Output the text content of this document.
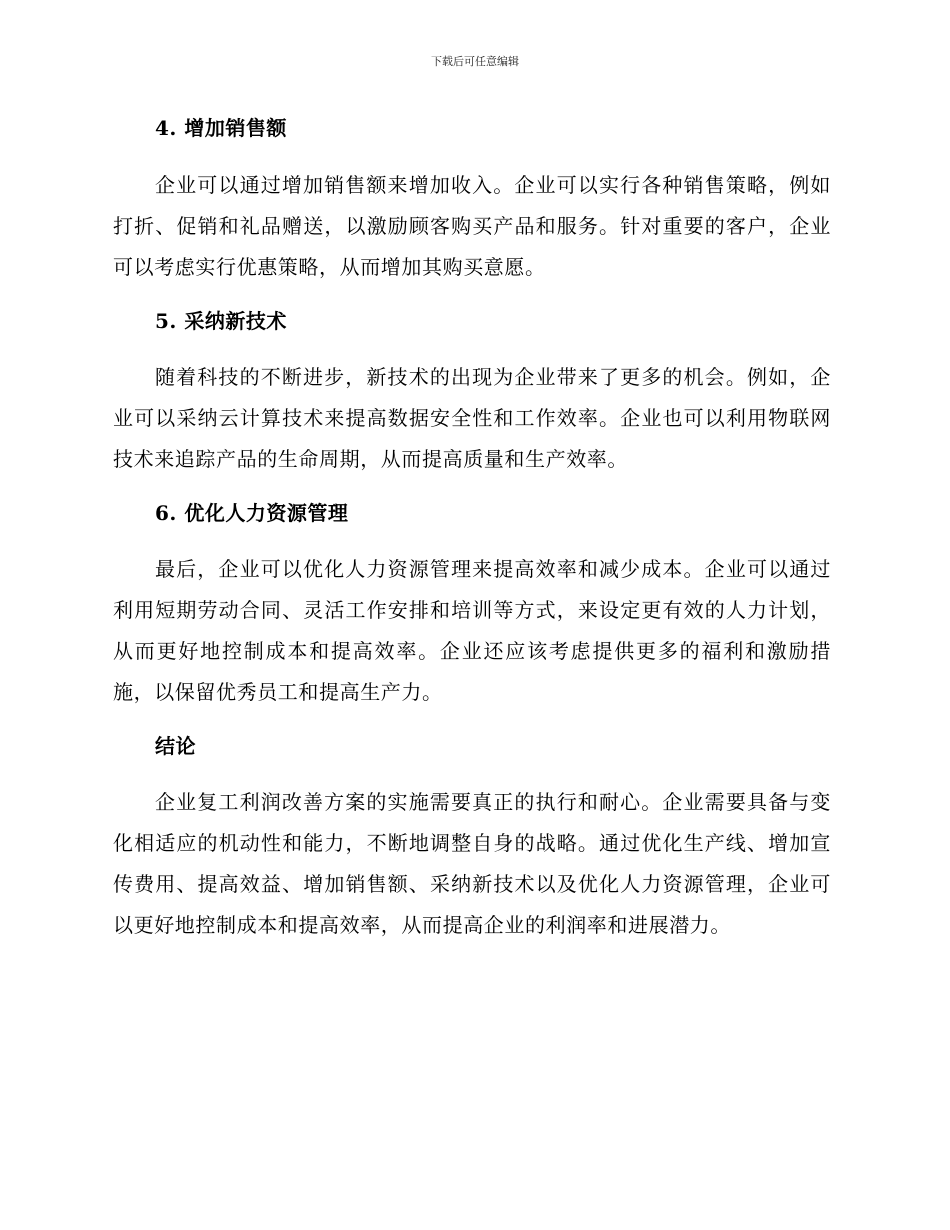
下载后可任意编辑
4. 增加销售额

企业可以通过增加销售额来增加收入。企业可以实行各种销售策略，例如打折、促销和礼品赠送，以激励顾客购买产品和服务。针对重要的客户，企业可以考虑实行优惠策略，从而增加其购买意愿。

5. 采纳新技术

随着科技的不断进步，新技术的出现为企业带来了更多的机会。例如，企业可以采纳云计算技术来提高数据安全性和工作效率。企业也可以利用物联网技术来追踪产品的生命周期，从而提高质量和生产效率。

6. 优化人力资源管理

最后，企业可以优化人力资源管理来提高效率和减少成本。企业可以通过利用短期劳动合同、灵活工作安排和培训等方式，来设定更有效的人力计划，从而更好地控制成本和提高效率。企业还应该考虑提供更多的福利和激励措施，以保留优秀员工和提高生产力。

结论

企业复工利润改善方案的实施需要真正的执行和耐心。企业需要具备与变化相适应的机动性和能力，不断地调整自身的战略。通过优化生产线、增加宣传费用、提高效益、增加销售额、采纳新技术以及优化人力资源管理，企业可以更好地控制成本和提高效率，从而提高企业的利润率和进展潜力。
